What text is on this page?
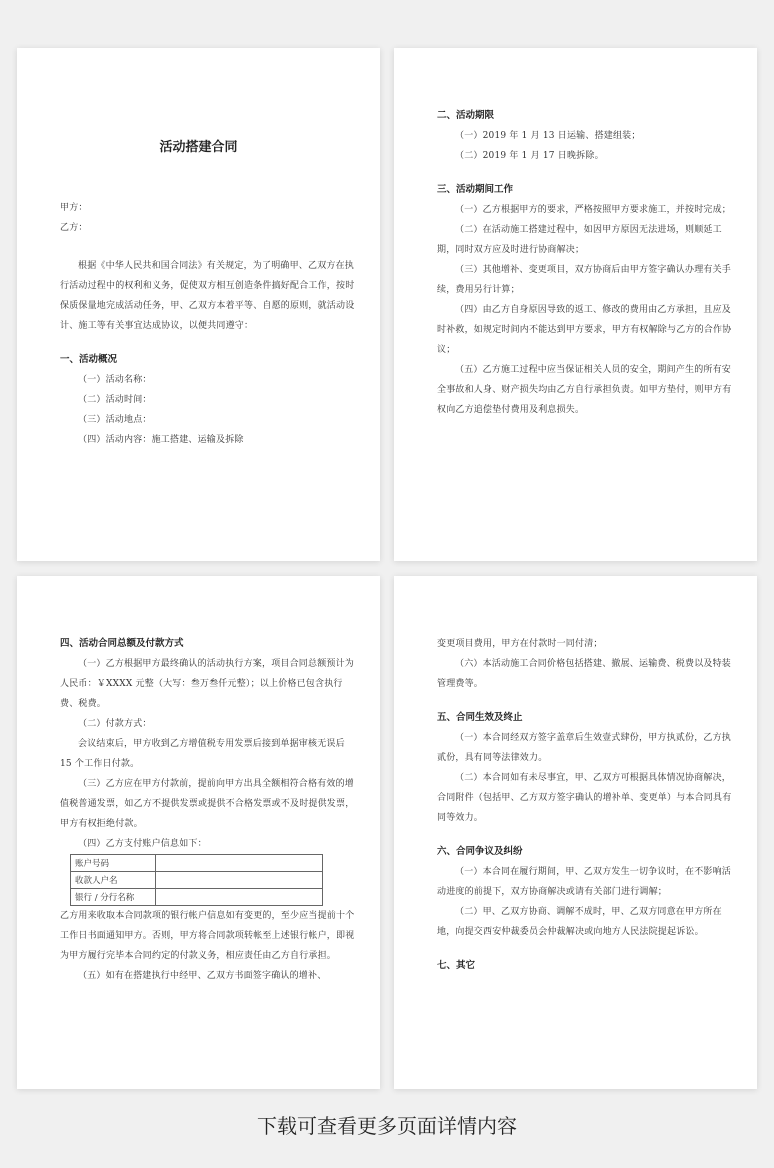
活动搭建合同

甲方：

乙方：

根据《中华人民共和国合同法》有关规定，为了明确甲、乙双方在执行活动过程中的权利和义务，促使双方相互创造条件搞好配合工作，按时保质保量地完成活动任务，甲、乙双方本着平等、自愿的原则，就活动设计、施工等有关事宜达成协议，以便共同遵守：

一、活动概况

（一）活动名称：

（二）活动时间：

（三）活动地点：

（四）活动内容：施工搭建、运输及拆除

二、活动期限

（一）2019 年 1 月 13 日运输、搭建组装；

（二）2019 年 1 月 17 日晚拆除。

三、活动期间工作

（一）乙方根据甲方的要求，严格按照甲方要求施工，并按时完成；

（二）在活动施工搭建过程中，如因甲方原因无法进场，则顺延工期，同时双方应及时进行协商解决；

（三）其他增补、变更项目，双方协商后由甲方签字确认办理有关手续，费用另行计算；

（四）由乙方自身原因导致的返工、修改的费用由乙方承担，且应及时补救，如规定时间内不能达到甲方要求，甲方有权解除与乙方的合作协议；

（五）乙方施工过程中应当保证相关人员的安全，期间产生的所有安全事故和人身、财产损失均由乙方自行承担负责。如甲方垫付，则甲方有权向乙方追偿垫付费用及利息损失。

四、活动合同总额及付款方式

（一）乙方根据甲方最终确认的活动执行方案，项目合同总额预计为人民币：￥XXXX 元整（大写：叁万叁仟元整）；以上价格已包含执行费、税费。

（二）付款方式：

会议结束后，甲方收到乙方增值税专用发票后接到单据审核无误后 15 个工作日付款。

（三）乙方应在甲方付款前，提前向甲方出具全额相符合格有效的增值税普通发票，如乙方不提供发票或提供不合格发票或不及时提供发票，甲方有权拒绝付款。

（四）乙方支付账户信息如下：

账户号码	
收款人户名	
银行 / 分行名称	

乙方用来收取本合同款项的银行帐户信息如有变更的，至少应当提前十个工作日书面通知甲方。否则，甲方将合同款项转帐至上述银行帐户，即视为甲方履行完毕本合同约定的付款义务，相应责任由乙方自行承担。

（五）如有在搭建执行中经甲、乙双方书面签字确认的增补、

变更项目费用，甲方在付款时一同付清；

（六）本活动施工合同价格包括搭建、撤展、运输费、税费以及特装管理费等。

五、合同生效及终止

（一）本合同经双方签字盖章后生效壹式肆份，甲方执贰份，乙方执贰份，具有同等法律效力。

（二）本合同如有未尽事宜，甲、乙双方可根据具体情况协商解决，合同附件（包括甲、乙方双方签字确认的增补单、变更单）与本合同具有同等效力。

六、合同争议及纠纷

（一）本合同在履行期间，甲、乙双方发生一切争议时，在不影响活动进度的前提下，双方协商解决或请有关部门进行调解；

（二）甲、乙双方协商、调解不成时，甲、乙双方同意在甲方所在地，向提交西安仲裁委员会仲裁解决或向地方人民法院提起诉讼。

七、其它

下载可查看更多页面详情内容
